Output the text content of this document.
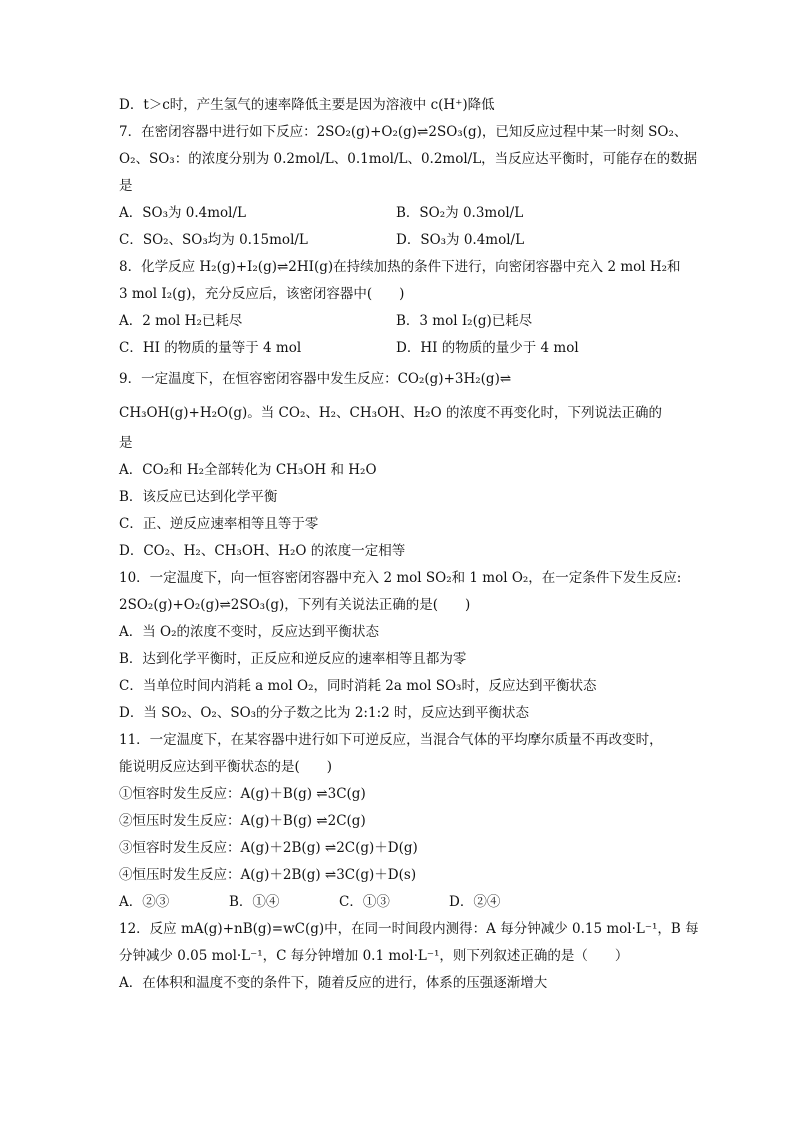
D．t＞c时，产生氢气的速率降低主要是因为溶液中 c(H⁺)降低
7．在密闭容器中进行如下反应：2SO₂(g)+O₂(g)⇌2SO₃(g)，已知反应过程中某一时刻 SO₂、
O₂、SO₃：的浓度分别为 0.2mol/L、0.1mol/L、0.2mol/L，当反应达平衡时，可能存在的数据
是
A．SO₃为 0.4mol/L	B．SO₂为 0.3mol/L
C．SO₂、SO₃均为 0.15mol/L	D．SO₃为 0.4mol/L
8．化学反应 H₂(g)+I₂(g)⇌2HI(g)在持续加热的条件下进行，向密闭容器中充入 2 mol H₂和
3 mol I₂(g)，充分反应后，该密闭容器中(　　)
A．2 mol H₂已耗尽	B．3 mol I₂(g)已耗尽
C．HI 的物质的量等于 4 mol	D．HI 的物质的量少于 4 mol
9．一定温度下，在恒容密闭容器中发生反应：CO₂(g)+3H₂(g)⇌
CH₃OH(g)+H₂O(g)。当 CO₂、H₂、CH₃OH、H₂O 的浓度不再变化时，下列说法正确的
是
A．CO₂和 H₂全部转化为 CH₃OH 和 H₂O
B．该反应已达到化学平衡
C．正、逆反应速率相等且等于零
D．CO₂、H₂、CH₃OH、H₂O 的浓度一定相等
10．一定温度下，向一恒容密闭容器中充入 2 mol SO₂和 1 mol O₂，在一定条件下发生反应:
2SO₂(g)+O₂(g)⇌2SO₃(g)，下列有关说法正确的是(　　)
A．当 O₂的浓度不变时，反应达到平衡状态
B．达到化学平衡时，正反应和逆反应的速率相等且都为零
C．当单位时间内消耗 a mol O₂，同时消耗 2a mol SO₃时，反应达到平衡状态
D．当 SO₂、O₂、SO₃的分子数之比为 2:1:2 时，反应达到平衡状态
11．一定温度下，在某容器中进行如下可逆反应，当混合气体的平均摩尔质量不再改变时，
能说明反应达到平衡状态的是(　　)
①恒容时发生反应：A(g)＋B(g) ⇌3C(g)
②恒压时发生反应：A(g)＋B(g) ⇌2C(g)
③恒容时发生反应：A(g)＋2B(g) ⇌2C(g)＋D(g)
④恒压时发生反应：A(g)＋2B(g) ⇌3C(g)＋D(s)
A．②③	B．①④	C．①③	D．②④
12．反应 mA(g)+nB(g)=wC(g)中，在同一时间段内测得：A 每分钟减少 0.15 mol·L⁻¹，B 每
分钟减少 0.05 mol·L⁻¹，C 每分钟增加 0.1 mol·L⁻¹，则下列叙述正确的是（　　）
A．在体积和温度不变的条件下，随着反应的进行，体系的压强逐渐增大
